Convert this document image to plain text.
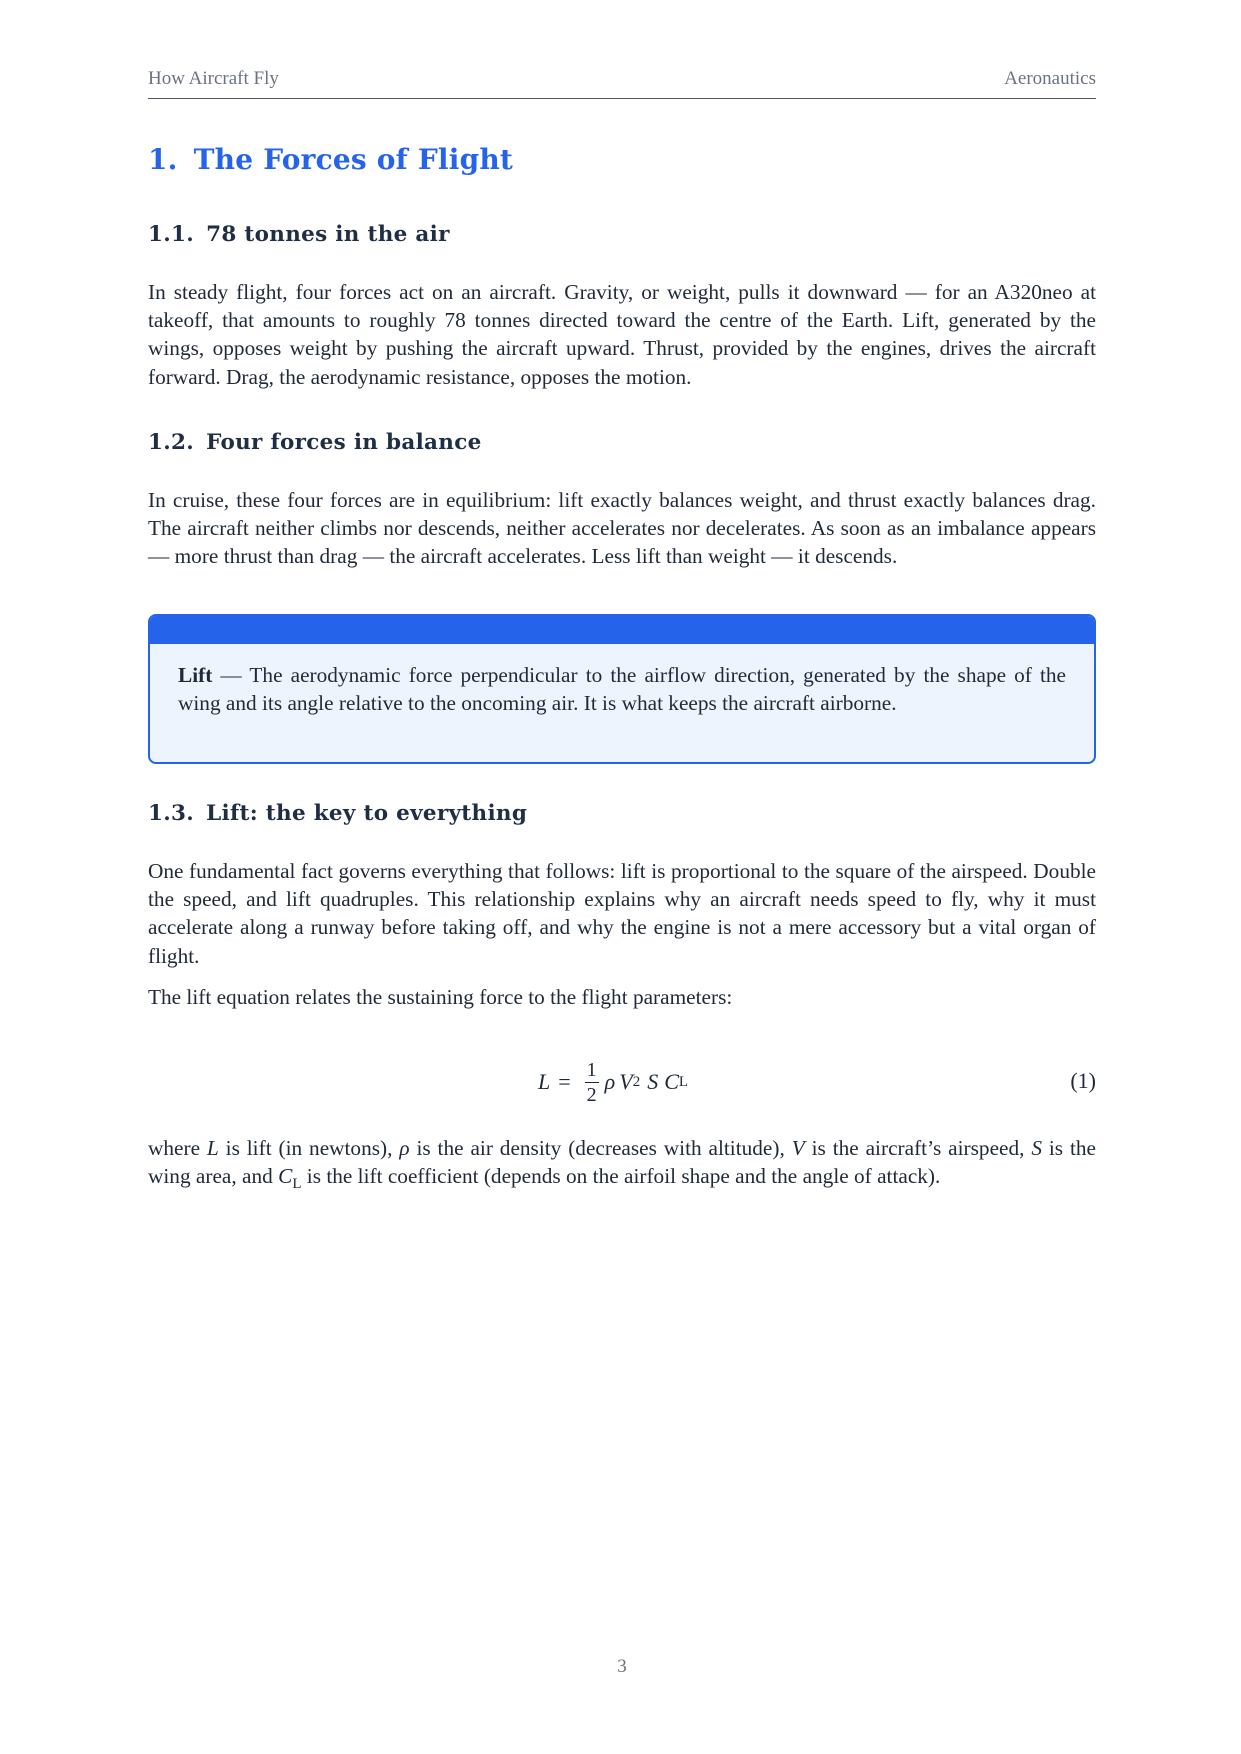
How Aircraft Fly	Aeronautics
1. The Forces of Flight
1.1. 78 tonnes in the air

In steady flight, four forces act on an aircraft. Gravity, or weight, pulls it downward — for an A320neo at takeoff, that amounts to roughly 78 tonnes directed toward the centre of the Earth. Lift, generated by the wings, opposes weight by pushing the aircraft upward. Thrust, provided by the engines, drives the aircraft forward. Drag, the aerodynamic resistance, opposes the motion.

1.2. Four forces in balance

In cruise, these four forces are in equilibrium: lift exactly balances weight, and thrust exactly balances drag. The aircraft neither climbs nor descends, neither accelerates nor decelerates. As soon as an imbalance appears — more thrust than drag — the aircraft accelerates. Less lift than weight — it descends.

Lift — The aerodynamic force perpendicular to the airflow direction, generated by the shape of the wing and its angle relative to the oncoming air. It is what keeps the aircraft airborne.
1.3. Lift: the key to everything

One fundamental fact governs everything that follows: lift is proportional to the square of the airspeed. Double the speed, and lift quadruples. This relationship explains why an aircraft needs speed to fly, why it must accelerate along a runway before taking off, and why the engine is not a mere accessory but a vital organ of flight.

The lift equation relates the sustaining force to the flight parameters:

$L = \frac{1}{2}$ ρ V 2 S C L	(1)

where L is lift (in newtons), ρ is the air density (decreases with altitude), V is the aircraft’s airspeed, S is the wing area, and $C_L$ is the lift coefficient (depends on the airfoil shape and the angle of attack).

3
